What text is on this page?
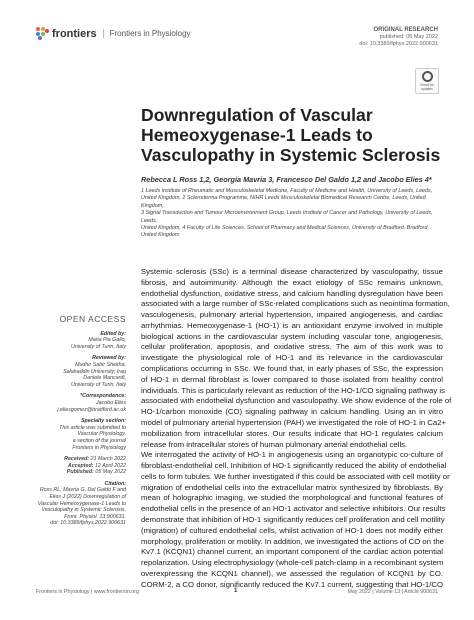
frontiers	Frontiers in Physiology	ORIGINAL RESEARCH
published: 05 May 2022
doi: 10.3389/fphys.2022.900631
Check for updates
Downregulation of Vascular
Hemeoxygenase-1 Leads to
Vasculopathy in Systemic Sclerosis
Rebecca L Ross 1,2, Georgia Mavria 3, Francesco Del Galdo 1,2 and Jacobo Elies 4*
1 Leeds Institute of Rheumatic and Musculoskeletal Medicine, Faculty of Medicine and Health, University of Leeds, Leeds,
United Kingdom, 2 Scleroderma Programme, NIHR Leeds Musculoskeletal Biomedical Research Centre, Leeds, United Kingdom,
3 Signal Transduction and Tumour Microenvironment Group, Leeds Institute of Cancer and Pathology, University of Leeds, Leeds,
United Kingdom, 4 Faculty of Life Sciences, School of Pharmacy and Medical Sciences, University of Bradford, Bradford, United Kingdom
Systemic sclerosis (SSc) is a terminal disease characterized by vasculopathy, tissue
fibrosis, and autoimmunity. Although the exact etiology of SSc remains unknown,
endothelial dysfunction, oxidative stress, and calcium handling dysregulation have been
associated with a large number of SSc-related complications such as neointima formation,
vasculogenesis, pulmonary arterial hypertension, impaired angiogenesis, and cardiac
arrhythmias. Hemeoxygenase-1 (HO-1) is an antioxidant enzyme involved in multiple
biological actions in the cardiovascular system including vascular tone, angiogenesis,
cellular proliferation, apoptosis, and oxidative stress. The aim of this work was to
investigate the physiological role of HO-1 and its relevance in the cardiovascular
complications occurring in SSc. We found that, in early phases of SSc, the expression
of HO-1 in dermal fibroblast is lower compared to those isolated from healthy control
individuals. This is particularly relevant as reduction of the HO-1/CO signaling pathway is
associated with endothelial dysfunction and vasculopathy. We show evidence of the role of
HO-1/carbon monoxide (CO) signaling pathway in calcium handling. Using an in vitro
model of pulmonary arterial hypertension (PAH) we investigated the role of HO-1 in Ca2+
mobilization from intracellular stores. Our results indicate that HO-1 regulates calcium
release from intracellular stores of human pulmonary arterial endothelial cells.
We interrogated the activity of HO-1 in angiogenesis using an organotypic co-culture of
fibroblast-endothelial cell. Inhibition of HO-1 significantly reduced the ability of endothelial
cells to form tubules. We further investigated if this could be associated with cell motility or
migration of endothelial cells into the extracellular matrix synthesized by fibroblasts. By
mean of holographic imaging, we studied the morphological and functional features of
endothelial cells in the presence of an HO-1 activator and selective inhibitors. Our results
demonstrate that inhibition of HO-1 significantly reduces cell proliferation and cell motility
(migration) of cultured endothelial cells, whilst activation of HO-1 does not modify either
morphology, proliferation or motility. In addition, we investigated the actions of CO on the
Kv7.1 (KCQN1) channel current, an important component of the cardiac action potential
repolarization. Using electrophysiology (whole-cell patch-clamp in a recombinant system
overexpressing the KCQN1 channel), we assessed the regulation of KCQN1 by CO.
CORM-2, a CO donor, significantly reduced the Kv7.1 current, suggesting that HO-1/CO
OPEN ACCESS
Edited by:
Maria Pia Gallo,
University of Turin, Italy
Reviewed by:
Mudhir Sabir Shekha,
Salahaddin University, Iraq
Daniele Mancardi,
University of Turin, Italy
*Correspondence:
Jacobo Elies
j.eliesgomez@bradford.ac.uk
Specialty section:
This article was submitted to
Vascular Physiology,
a section of the journal
Frontiers in Physiology
Received: 21 March 2022
Accepted: 12 April 2022
Published: 05 May 2022
Citation:
Ross RL, Mavria G, Del Galdo F and
Elies J (2022) Downregulation of
Vascular Hemeoxygenase-1 Leads to
Vasculopathy in Systemic Sclerosis.
Front. Physiol. 13:900631.
doi: 10.3389/fphys.2022.900631
Frontiers in Physiology | www.frontiersin.org	1	May 2022 | Volume 13 | Article 900631
